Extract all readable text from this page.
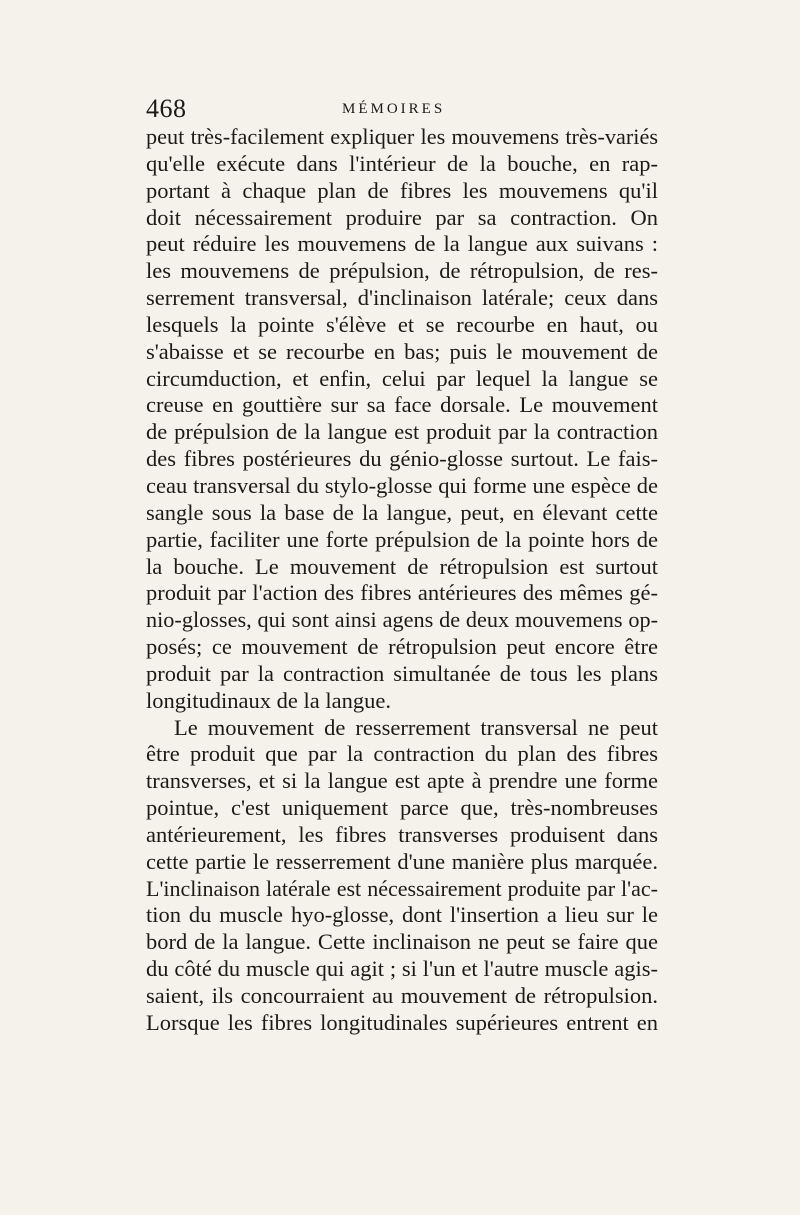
468	MÉMOIRES
peut très-facilement expliquer les mouvemens très-variés
qu'elle exécute dans l'intérieur de la bouche, en rap-
portant à chaque plan de fibres les mouvemens qu'il
doit nécessairement produire par sa contraction. On
peut réduire les mouvemens de la langue aux suivans :
les mouvemens de prépulsion, de rétropulsion, de res-
serrement transversal, d'inclinaison latérale; ceux dans
lesquels la pointe s'élève et se recourbe en haut, ou
s'abaisse et se recourbe en bas; puis le mouvement de
circumduction, et enfin, celui par lequel la langue se
creuse en gouttière sur sa face dorsale. Le mouvement
de prépulsion de la langue est produit par la contraction
des fibres postérieures du génio-glosse surtout. Le fais-
ceau transversal du stylo-glosse qui forme une espèce de
sangle sous la base de la langue, peut, en élevant cette
partie, faciliter une forte prépulsion de la pointe hors de
la bouche. Le mouvement de rétropulsion est surtout
produit par l'action des fibres antérieures des mêmes gé-
nio-glosses, qui sont ainsi agens de deux mouvemens op-
posés; ce mouvement de rétropulsion peut encore être
produit par la contraction simultanée de tous les plans
longitudinaux de la langue.
Le mouvement de resserrement transversal ne peut
être produit que par la contraction du plan des fibres
transverses, et si la langue est apte à prendre une forme
pointue, c'est uniquement parce que, très-nombreuses
antérieurement, les fibres transverses produisent dans
cette partie le resserrement d'une manière plus marquée.
L'inclinaison latérale est nécessairement produite par l'ac-
tion du muscle hyo-glosse, dont l'insertion a lieu sur le
bord de la langue. Cette inclinaison ne peut se faire que
du côté du muscle qui agit ; si l'un et l'autre muscle agis-
saient, ils concourraient au mouvement de rétropulsion.
Lorsque les fibres longitudinales supérieures entrent en
